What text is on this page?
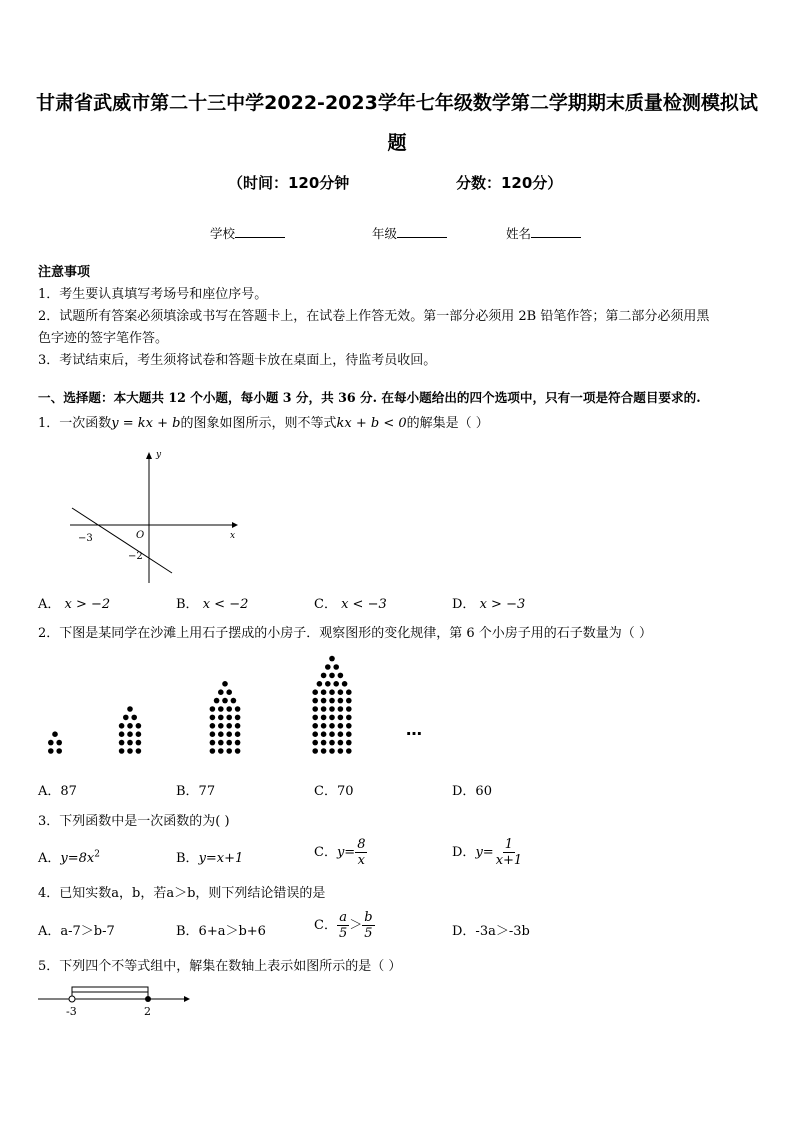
甘肃省武威市第二十三中学2022-2023学年七年级数学第二学期期末质量检测模拟试
题
（时间：120分钟	分数：120分）
学校	年级	姓名
注意事项
1．考生要认真填写考场号和座位序号。
2．试题所有答案必须填涂或书写在答题卡上，在试卷上作答无效。第一部分必须用 2B 铅笔作答；第二部分必须用黑
色字迹的签字笔作答。
3．考试结束后，考生须将试卷和答题卡放在桌面上，待监考员收回。
一、选择题：本大题共 12 个小题，每小题 3 分，共 36 分. 在每小题给出的四个选项中，只有一项是符合题目要求的.
1．一次函数y = kx + b的图象如图所示，则不等式kx + b < 0的解集是（ ）
y
x
O
−3
−2
A． x > −2	B． x < −2	C． x < −3	D． x > −3
2．下图是某同学在沙滩上用石子摆成的小房子．观察图形的变化规律，第 6 个小房子用的石子数量为（ ）
…
A．87	B．77	C．70	D．60
3．下列函数中是一次函数的为( )
A．$y=8x^2$	B．y=x+1	C．$y= \frac{8}{x}$	D．$y= \frac{1}{x+1}$
4．已知实数a，b，若a＞b，则下列结论错误的是
A．a-7＞b-7	B．6+a＞b+6	C． $\frac{a}{5} > \frac{b}{5}$	D．-3a＞-3b
5．下列四个不等式组中，解集在数轴上表示如图所示的是（ ）
-3	2
